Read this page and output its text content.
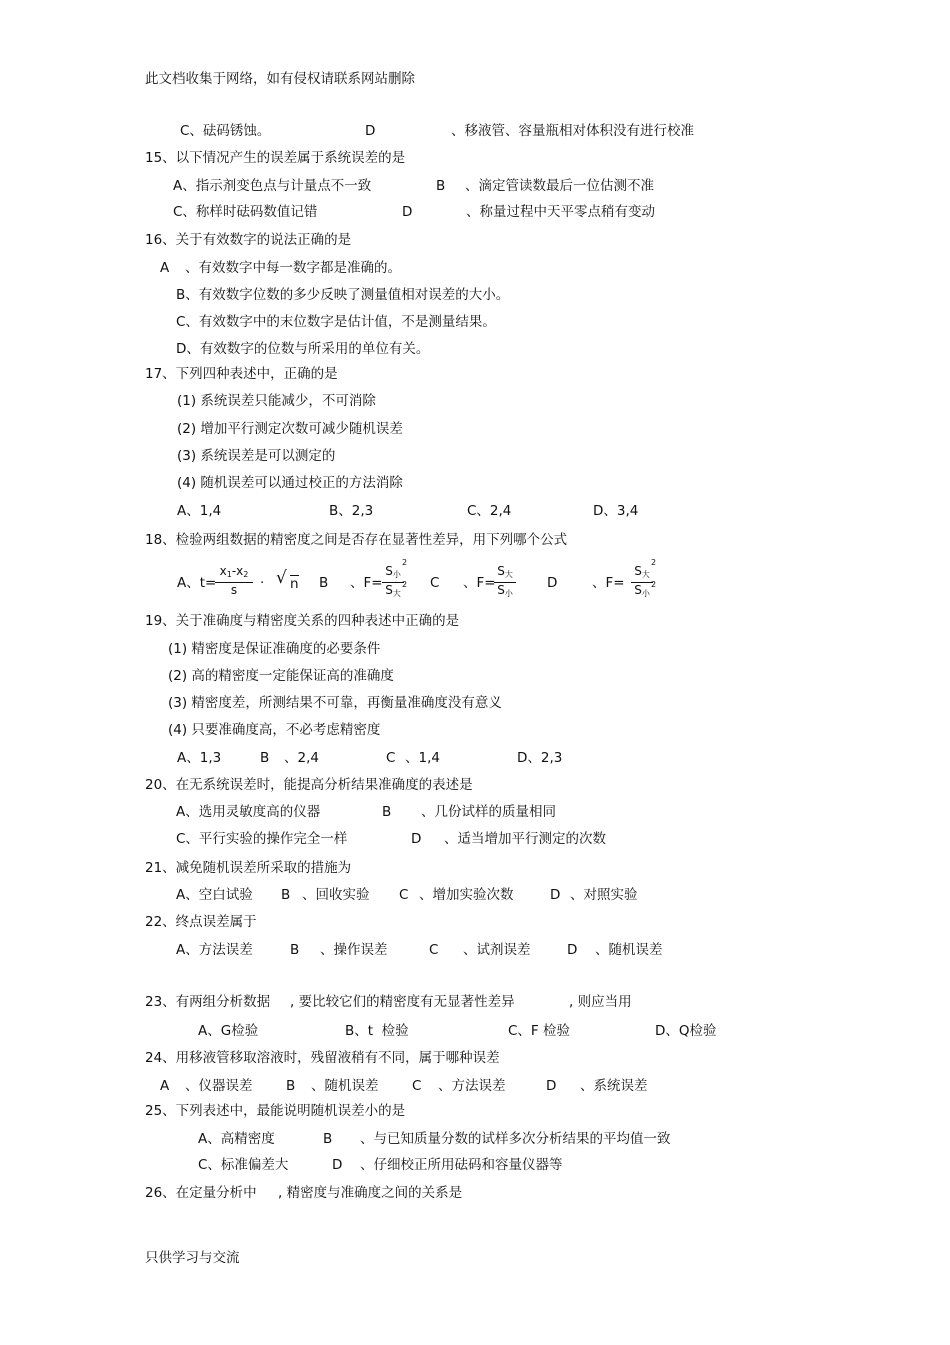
此文档收集于网络，如有侵权请联系网站删除
C、砝码锈蚀。	D	、移液管、容量瓶相对体积没有进行校准
15、以下情况产生的误差属于系统误差的是
A、指示剂变色点与计量点不一致	B 、滴定管读数最后一位估测不准
C、称样时砝码数值记错	D	、称量过程中天平零点稍有变动
16、关于有效数字的说法正确的是
A 、有效数字中每一数字都是准确的。
B、有效数字位数的多少反映了测量值相对误差的大小。
C、有效数字中的末位数字是估计值，不是测量结果。
D、有效数字的位数与所采用的单位有关。
17、下列四种表述中，正确的是
(1) 系统误差只能减少，不可消除
(2) 增加平行测定次数可减少随机误差
(3) 系统误差是可以测定的
(4) 随机误差可以通过校正的方法消除
A、1,4	B、2,3	C、2,4	D、3,4
18、检验两组数据的精密度之间是否存在显著性差异，用下列哪个公式
A、t=
$x_1-x_2$
s	· √ n B 、F=
$S_小$
$S_大$
2
2 C 、F=
$S_大$
$S_小$
D	、F=
$S_大$
$S_小$
2
2
19、关于准确度与精密度关系的四种表述中正确的是
(1) 精密度是保证准确度的必要条件
(2) 高的精密度一定能保证高的准确度
(3) 精密度差，所测结果不可靠，再衡量准确度没有意义
(4) 只要准确度高，不必考虑精密度
A、1,3	B 、2,4	C 、1,4	D、2,3
20、在无系统误差时，能提高分析结果准确度的表述是
A、选用灵敏度高的仪器	B 、几份试样的质量相同
C、平行实验的操作完全一样	D 、适当增加平行测定的次数
21、减免随机误差所采取的措施为
A、空白试验 B 、回收实验 C 、增加实验次数	D 、对照实验
22、终点误差属于
A、方法误差	B 、操作误差	C 、试剂误差	D 、随机误差
23、有两组分析数据 , 要比较它们的精密度有无显著性差异	, 则应当用
A、G检验	B、t  检验	C、F 检验	D、Q检验
24、用移液管移取溶液时，残留液稍有不同，属于哪种误差
A 、仪器误差 B 、随机误差 C 、方法误差	D 、系统误差
25、下列表述中，最能说明随机误差小的是
A、高精密度	B 、与已知质量分数的试样多次分析结果的平均值一致
C、标准偏差大	D 、仔细校正所用砝码和容量仪器等
26、在定量分析中 , 精密度与准确度之间的关系是
只供学习与交流
